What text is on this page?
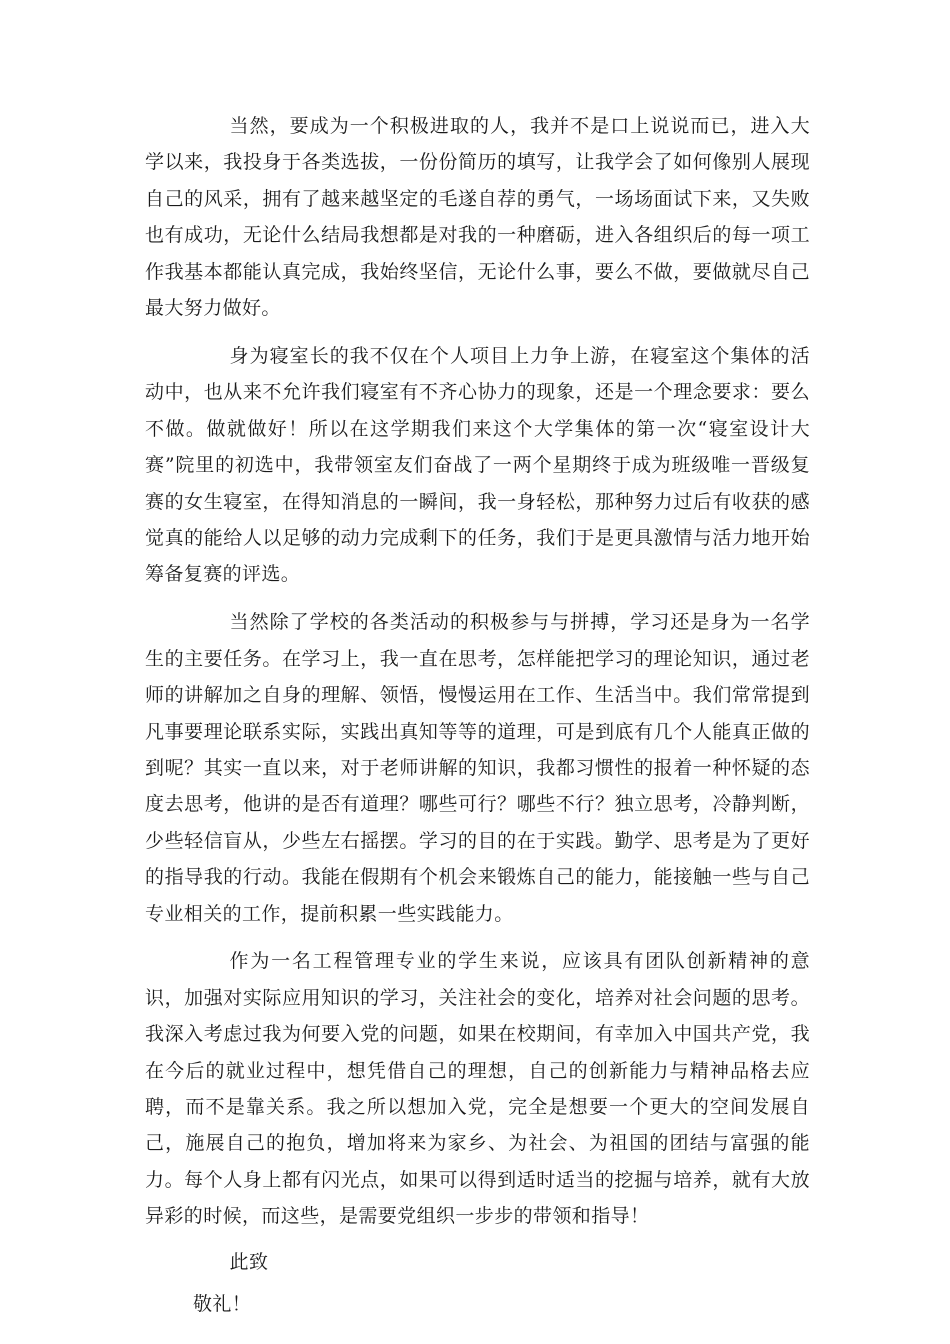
当然，要成为一个积极进取的人，我并不是口上说说而已，进入大学以来，我投身于各类选拔，一份份简历的填写，让我学会了如何像别人展现自己的风采，拥有了越来越坚定的毛遂自荐的勇气，一场场面试下来，又失败也有成功，无论什么结局我想都是对我的一种磨砺，进入各组织后的每一项工作我基本都能认真完成，我始终坚信，无论什么事，要么不做，要做就尽自己最大努力做好。

身为寝室长的我不仅在个人项目上力争上游，在寝室这个集体的活动中，也从来不允许我们寝室有不齐心协力的现象，还是一个理念要求：要么不做。做就做好！所以在这学期我们来这个大学集体的第一次“寝室设计大赛”院里的初选中，我带领室友们奋战了一两个星期终于成为班级唯一晋级复赛的女生寝室，在得知消息的一瞬间，我一身轻松，那种努力过后有收获的感觉真的能给人以足够的动力完成剩下的任务，我们于是更具激情与活力地开始筹备复赛的评选。

当然除了学校的各类活动的积极参与与拼搏，学习还是身为一名学生的主要任务。在学习上，我一直在思考，怎样能把学习的理论知识，通过老师的讲解加之自身的理解、领悟，慢慢运用在工作、生活当中。我们常常提到凡事要理论联系实际，实践出真知等等的道理，可是到底有几个人能真正做的到呢？其实一直以来，对于老师讲解的知识，我都习惯性的报着一种怀疑的态度去思考，他讲的是否有道理？哪些可行？哪些不行？独立思考，冷静判断，少些轻信盲从，少些左右摇摆。学习的目的在于实践。勤学、思考是为了更好的指导我的行动。我能在假期有个机会来锻炼自己的能力，能接触一些与自己专业相关的工作，提前积累一些实践能力。

作为一名工程管理专业的学生来说，应该具有团队创新精神的意识，加强对实际应用知识的学习，关注社会的变化，培养对社会问题的思考。我深入考虑过我为何要入党的问题，如果在校期间，有幸加入中国共产党，我在今后的就业过程中，想凭借自己的理想，自己的创新能力与精神品格去应聘，而不是靠关系。我之所以想加入党，完全是想要一个更大的空间发展自己，施展自己的抱负，增加将来为家乡、为社会、为祖国的团结与富强的能力。每个人身上都有闪光点，如果可以得到适时适当的挖掘与培养，就有大放异彩的时候，而这些，是需要党组织一步步的带领和指导！

此致

敬礼！
